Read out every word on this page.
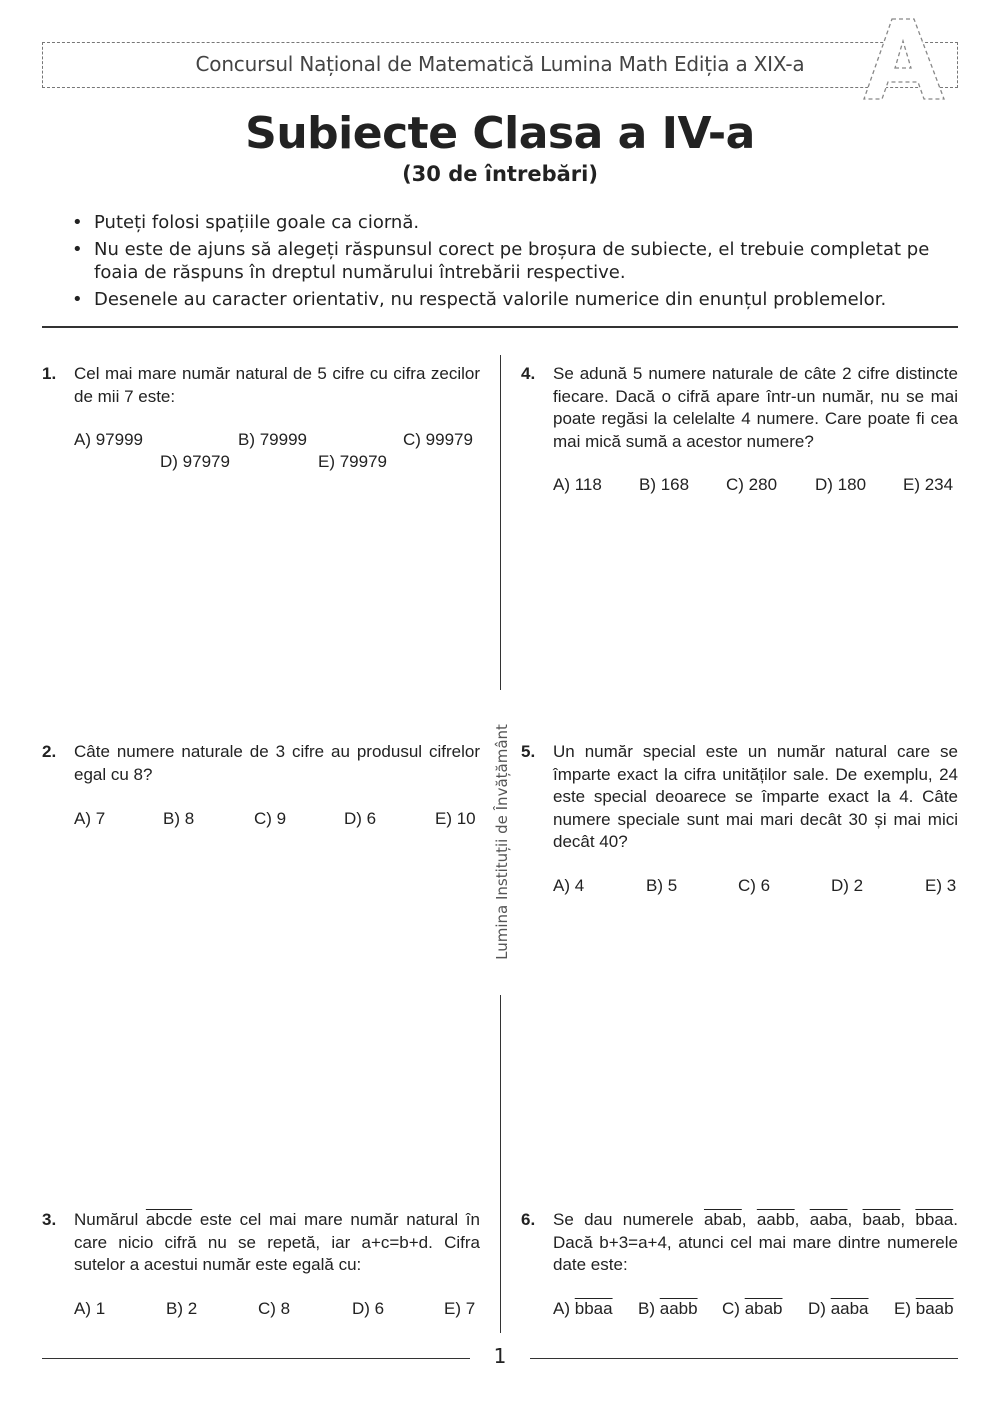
Concursul Național de Matematică Lumina Math Ediția a XIX-a
Subiecte Clasa a IV-a
(30 de întrebări)
• Puteți folosi spațiile goale ca ciornă.
• Nu este de ajuns să alegeți răspunsul corect pe broșura de subiecte, el trebuie completat pe foaia de răspuns în dreptul numărului întrebării respective.
• Desenele au caracter orientativ, nu respectă valorile numerice din enunțul problemelor.
Lumina Instituții de Învățământ
1. Cel mai mare număr natural de 5 cifre cu cifra zecilor de mii 7 este:
A) 97999	B) 79999	C) 99979
D) 97979	E) 79979
2. Câte numere naturale de 3 cifre au produsul cifrelor egal cu 8?
A) 7	B) 8	C) 9	D) 6	E) 10
3. Numărul abcde este cel mai mare număr natural în care nicio cifră nu se repetă, iar a+c=b+d. Cifra sutelor a acestui număr este egală cu:
A) 1	B) 2	C) 8	D) 6	E) 7
4. Se adună 5 numere naturale de câte 2 cifre distincte fiecare. Dacă o cifră apare într-un număr, nu se mai poate regăsi la celelalte 4 numere. Care poate fi cea mai mică sumă a acestor numere?
A) 118 B) 168 C) 280 D) 180 E) 234
5. Un număr special este un număr natural care se împarte exact la cifra unităților sale. De exemplu, 24 este special deoarece se împarte exact la 4. Câte numere speciale sunt mai mari decât 30 și mai mici decât 40?
A) 4	B) 5	C) 6	D) 2	E) 3
6. Se dau numerele abab, aabb, aaba, baab, bbaa. Dacă b+3=a+4, atunci cel mai mare dintre numerele date este:
A) bbaa B) aabb C) abab D) aaba E) baab
1
